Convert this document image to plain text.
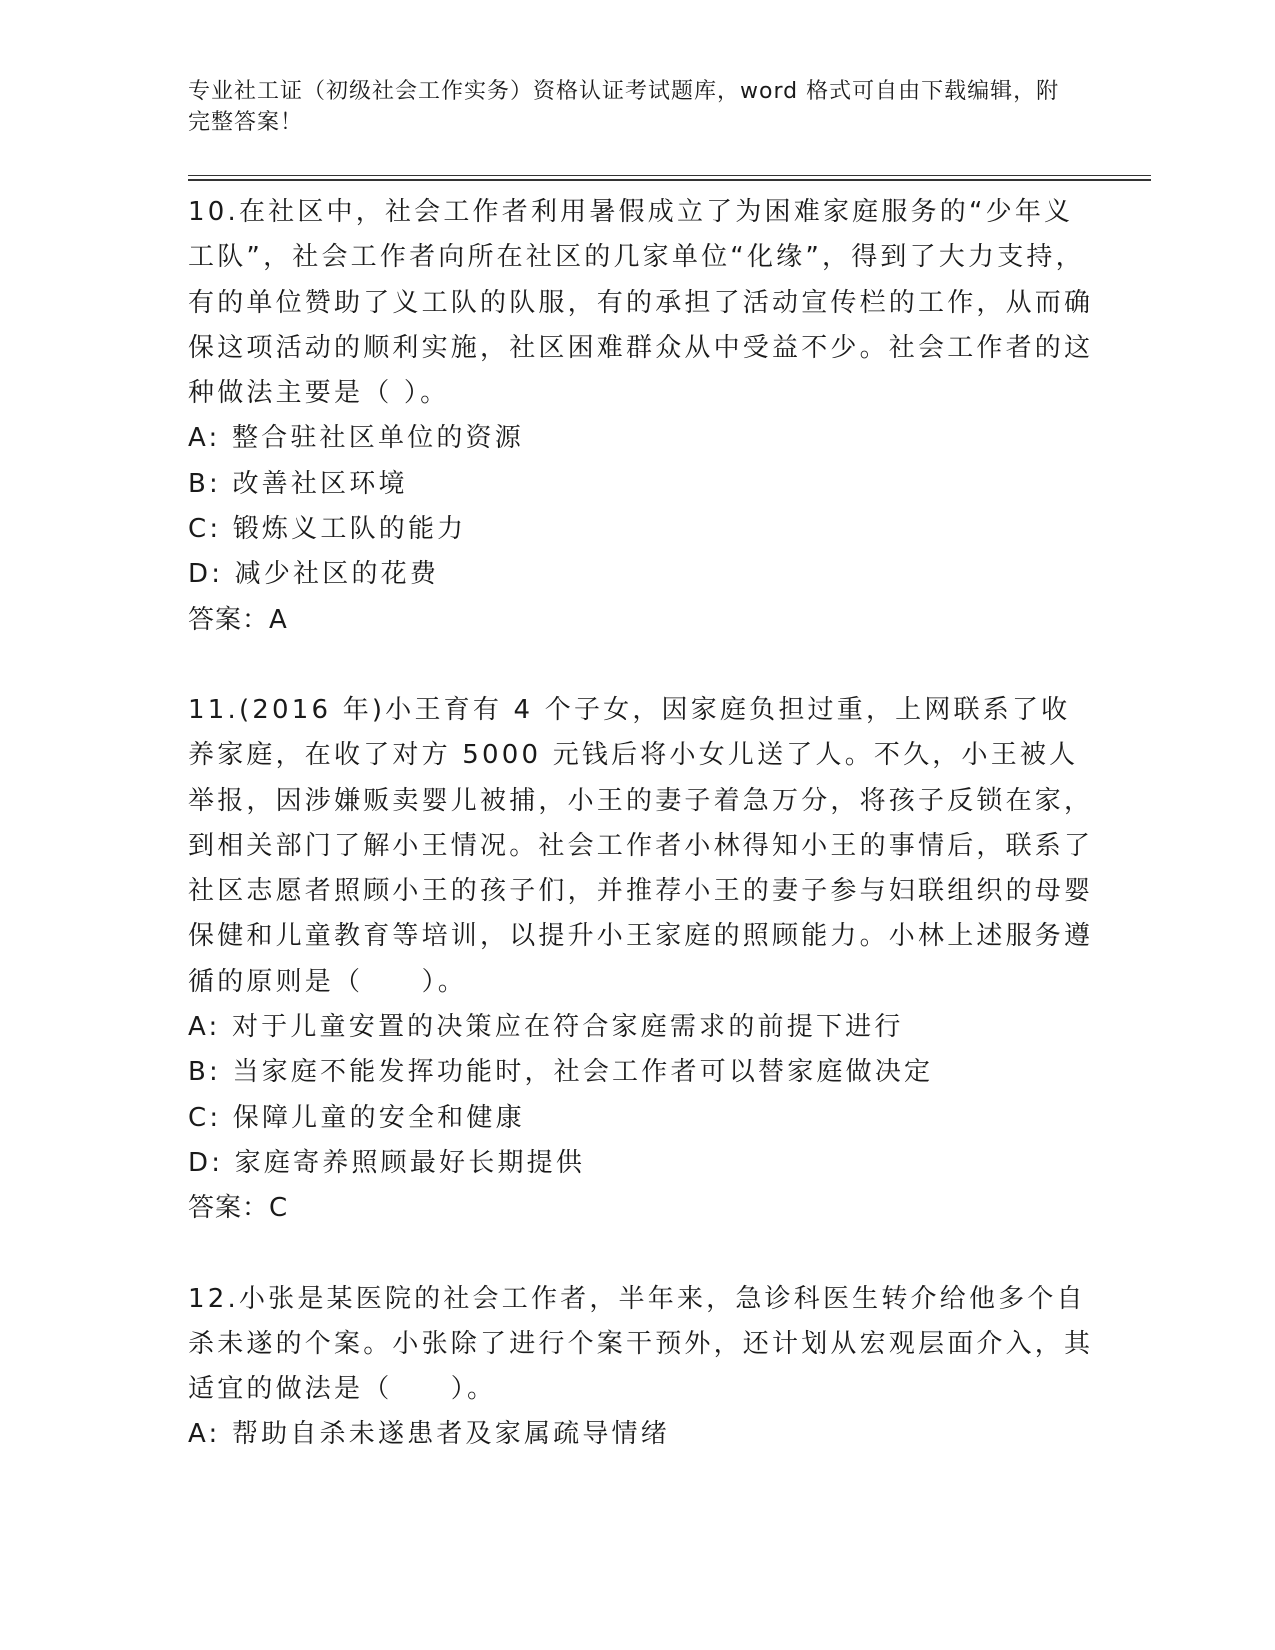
专业社工证（初级社会工作实务）资格认证考试题库，word 格式可自由下载编辑，附完整答案！

10.在社区中，社会工作者利用暑假成立了为困难家庭服务的“少年义工队”，社会工作者向所在社区的几家单位“化缘”，得到了大力支持，有的单位赞助了义工队的队服，有的承担了活动宣传栏的工作，从而确保这项活动的顺利实施，社区困难群众从中受益不少。社会工作者的这种做法主要是（ ）。

A: 整合驻社区单位的资源

B: 改善社区环境

C: 锻炼义工队的能力

D: 减少社区的花费

答案：A

11.(2016 年)小王育有 4 个子女，因家庭负担过重，上网联系了收养家庭，在收了对方 5000 元钱后将小女儿送了人。不久，小王被人举报，因涉嫌贩卖婴儿被捕，小王的妻子着急万分，将孩子反锁在家，到相关部门了解小王情况。社会工作者小林得知小王的事情后，联系了社区志愿者照顾小王的孩子们，并推荐小王的妻子参与妇联组织的母婴保健和儿童教育等培训，以提升小王家庭的照顾能力。小林上述服务遵循的原则是（　　）。

A: 对于儿童安置的决策应在符合家庭需求的前提下进行

B: 当家庭不能发挥功能时，社会工作者可以替家庭做决定

C: 保障儿童的安全和健康

D: 家庭寄养照顾最好长期提供

答案：C

12.小张是某医院的社会工作者，半年来，急诊科医生转介给他多个自杀未遂的个案。小张除了进行个案干预外，还计划从宏观层面介入，其适宜的做法是（　　）。

A: 帮助自杀未遂患者及家属疏导情绪
